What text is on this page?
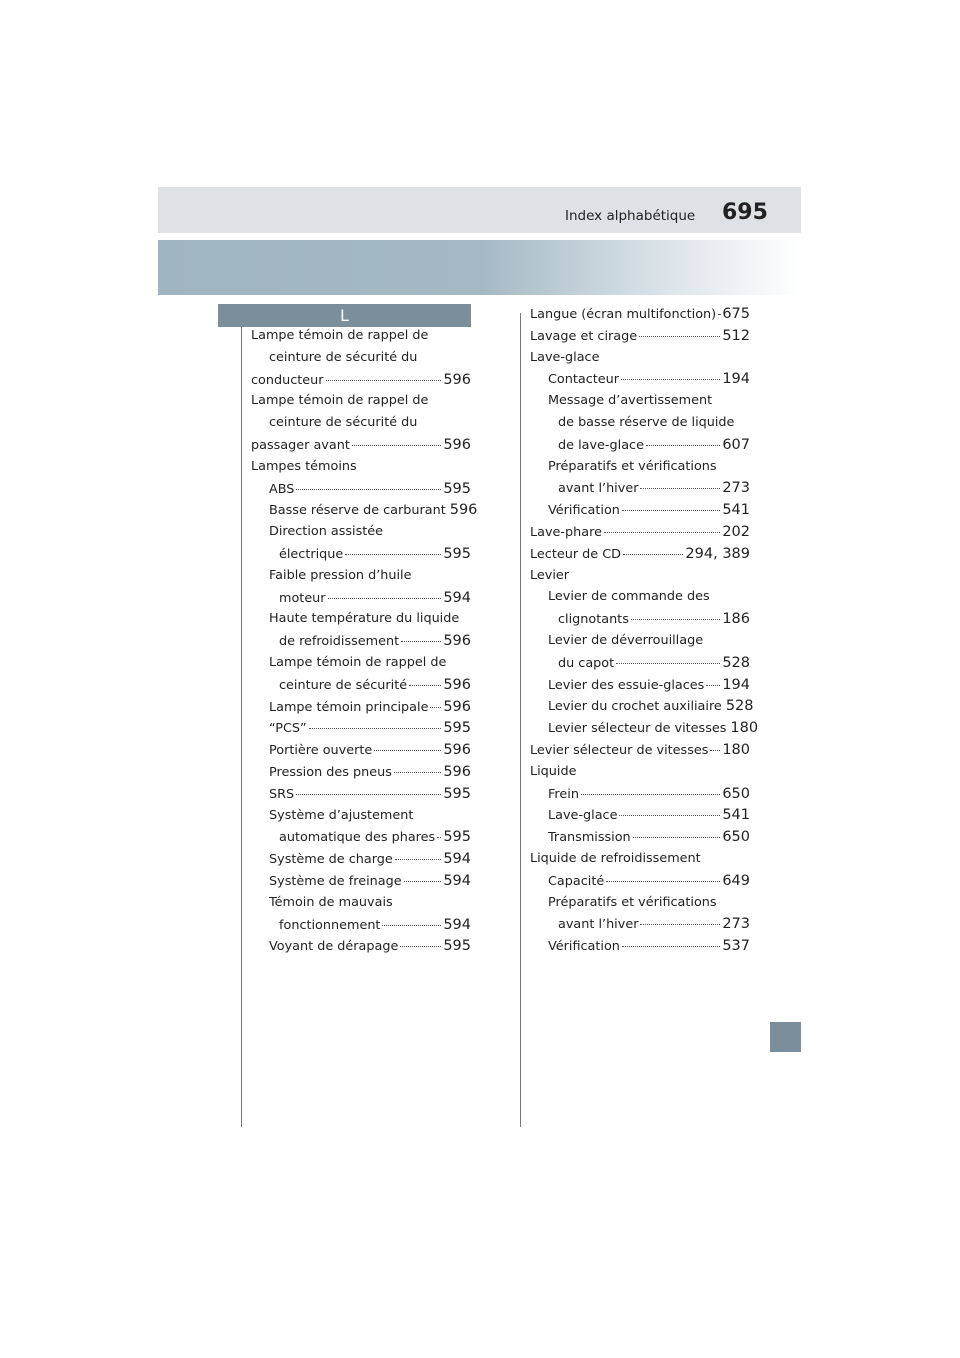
Index alphabétique 695
L
Lampe témoin de rappel de
ceinture de sécurité du
conducteur	596
Lampe témoin de rappel de
ceinture de sécurité du
passager avant	596
Lampes témoins
ABS	595
Basse réserve de carburant 596
Direction assistée
électrique	595
Faible pression d’huile
moteur	594
Haute température du liquide
de refroidissement	596
Lampe témoin de rappel de
ceinture de sécurité 596
Lampe témoin principale 596
“PCS”	595
Portière ouverte	596
Pression des pneus	596
SRS	595
Système d’ajustement
automatique des phares 595
Système de charge	594
Système de freinage	594
Témoin de mauvais
fonctionnement	594
Voyant de dérapage	595
Langue (écran multifonction) 675
Lavage et cirage	512
Lave-glace
Contacteur	194
Message d’avertissement
de basse réserve de liquide
de lave-glace	607
Préparatifs et vérifications
avant l’hiver	273
Vérification	541
Lave-phare	202
Lecteur de CD	294, 389
Levier
Levier de commande des
clignotants	186
Levier de déverrouillage
du capot	528
Levier des essuie-glaces 194
Levier du crochet auxiliaire 528
Levier sélecteur de vitesses 180
Levier sélecteur de vitesses 180
Liquide
Frein	650
Lave-glace	541
Transmission	650
Liquide de refroidissement
Capacité	649
Préparatifs et vérifications
avant l’hiver	273
Vérification	537
